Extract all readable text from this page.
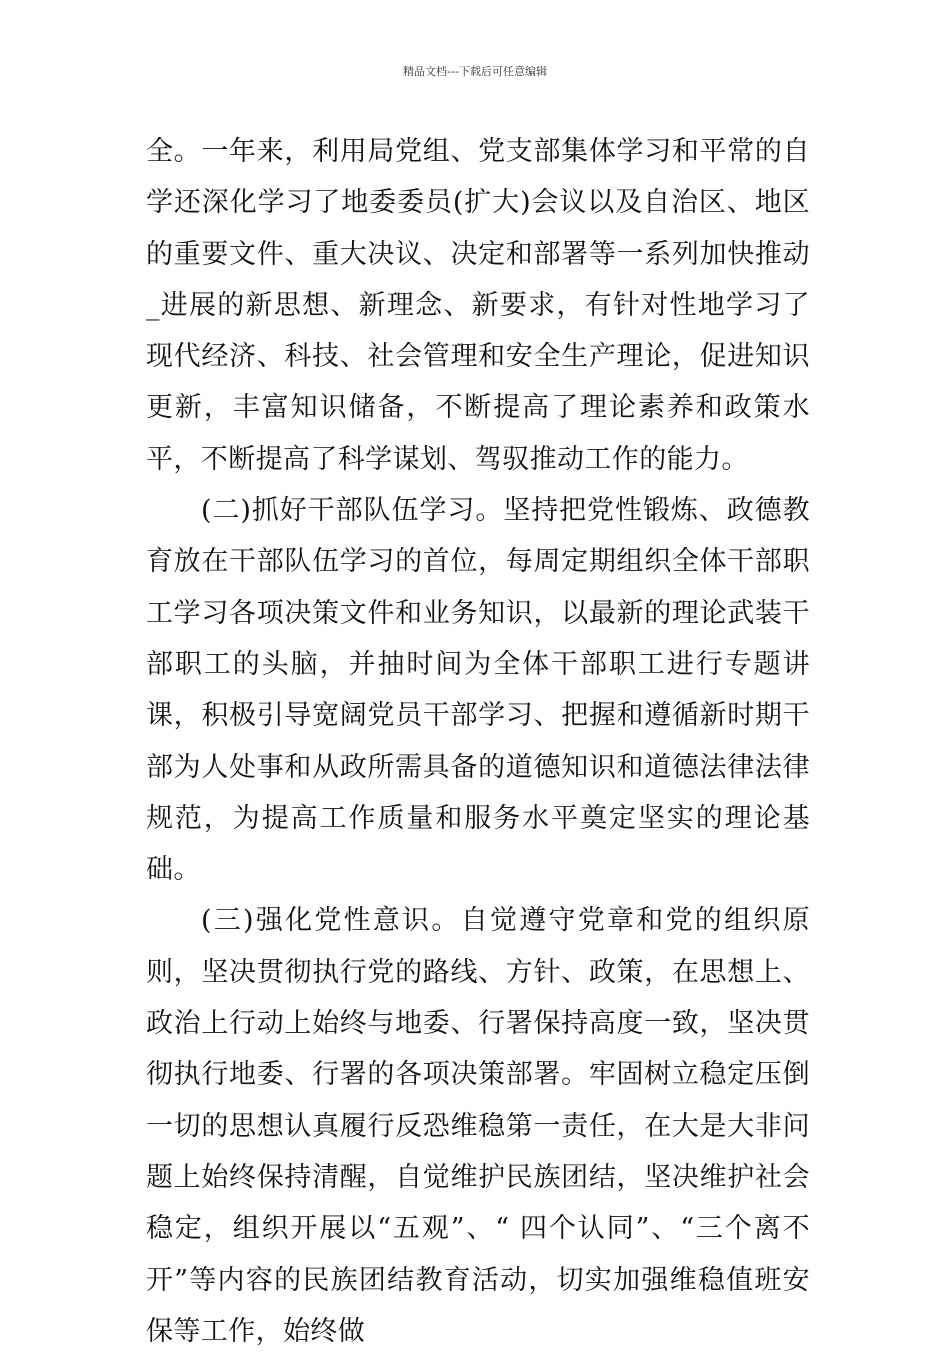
精品文档---下载后可任意编辑

全。一年来，利用局党组、党支部集体学习和平常的自学还深化学习了地委委员(扩大)会议以及自治区、地区的重要文件、重大决议、决定和部署等一系列加快推动_进展的新思想、新理念、新要求，有针对性地学习了现代经济、科技、社会管理和安全生产理论，促进知识更新，丰富知识储备，不断提高了理论素养和政策水平，不断提高了科学谋划、驾驭推动工作的能力。

(二)抓好干部队伍学习。坚持把党性锻炼、政德教育放在干部队伍学习的首位，每周定期组织全体干部职工学习各项决策文件和业务知识，以最新的理论武装干部职工的头脑，并抽时间为全体干部职工进行专题讲课，积极引导宽阔党员干部学习、把握和遵循新时期干部为人处事和从政所需具备的道德知识和道德法律法律规范，为提高工作质量和服务水平奠定坚实的理论基础。

(三)强化党性意识。自觉遵守党章和党的组织原则，坚决贯彻执行党的路线、方针、政策，在思想上、政治上行动上始终与地委、行署保持高度一致，坚决贯彻执行地委、行署的各项决策部署。牢固树立稳定压倒一切的思想认真履行反恐维稳第一责任，在大是大非问题上始终保持清醒，自觉维护民族团结，坚决维护社会稳定，组织开展以“五观”、“ 四个认同”、“三个离不开”等内容的民族团结教育活动，切实加强维稳值班安保等工作，始终做
